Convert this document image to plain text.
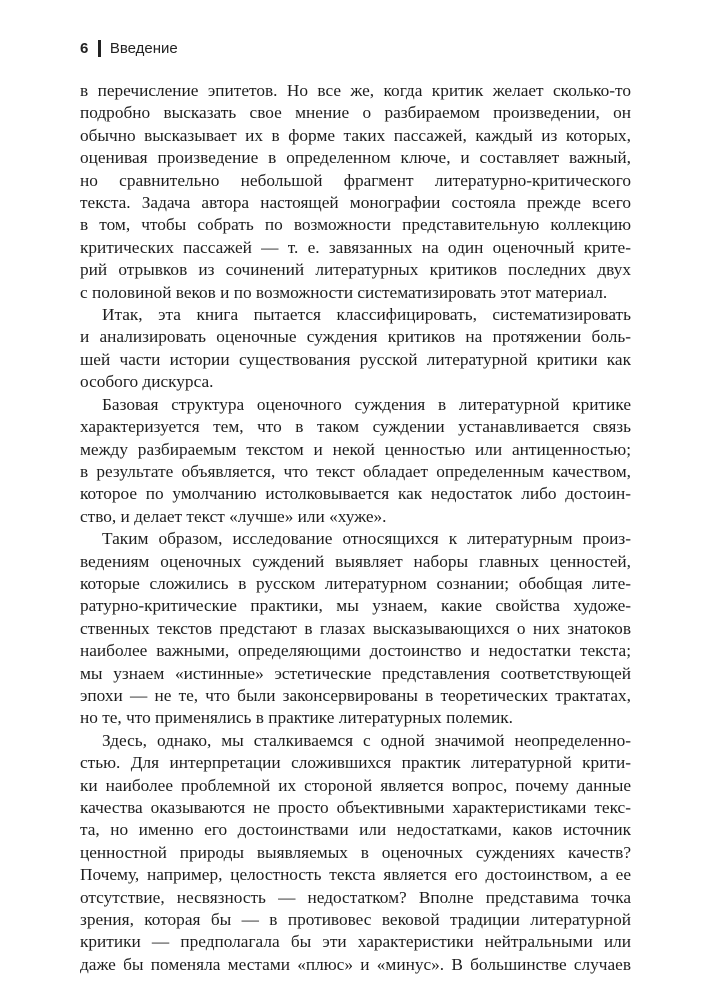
6 Введение
в перечисление эпитетов. Но все же, когда критик желает сколько-то
подробно высказать свое мнение о разбираемом произведении, он
обычно высказывает их в форме таких пассажей, каждый из которых,
оценивая произведение в определенном ключе, и составляет важный,
но сравнительно небольшой фрагмент литературно-критического
текста. Задача автора настоящей монографии состояла прежде всего
в том, чтобы собрать по возможности представительную коллекцию
критических пассажей — т. е. завязанных на один оценочный крите-
рий отрывков из сочинений литературных критиков последних двух
с половиной веков и по возможности систематизировать этот материал.
Итак, эта книга пытается классифицировать, систематизировать
и анализировать оценочные суждения критиков на протяжении боль-
шей части истории существования русской литературной критики как
особого дискурса.
Базовая структура оценочного суждения в литературной критике
характеризуется тем, что в таком суждении устанавливается связь
между разбираемым текстом и некой ценностью или антиценностью;
в результате объявляется, что текст обладает определенным качеством,
которое по умолчанию истолковывается как недостаток либо достоин-
ство, и делает текст «лучше» или «хуже».
Таким образом, исследование относящихся к литературным произ-
ведениям оценочных суждений выявляет наборы главных ценностей,
которые сложились в русском литературном сознании; обобщая лите-
ратурно-критические практики, мы узнаем, какие свойства художе-
ственных текстов предстают в глазах высказывающихся о них знатоков
наиболее важными, определяющими достоинство и недостатки текста;
мы узнаем «истинные» эстетические представления соответствующей
эпохи — не те, что были законсервированы в теоретических трактатах,
но те, что применялись в практике литературных полемик.
Здесь, однако, мы сталкиваемся с одной значимой неопределенно-
стью. Для интерпретации сложившихся практик литературной крити-
ки наиболее проблемной их стороной является вопрос, почему данные
качества оказываются не просто объективными характеристиками текс-
та, но именно его достоинствами или недостатками, каков источник
ценностной природы выявляемых в оценочных суждениях качеств?
Почему, например, целостность текста является его достоинством, а ее
отсутствие, несвязность — недостатком? Вполне представима точка
зрения, которая бы — в противовес вековой традиции литературной
критики — предполагала бы эти характеристики нейтральными или
даже бы поменяла местами «плюс» и «минус». В большинстве случаев
